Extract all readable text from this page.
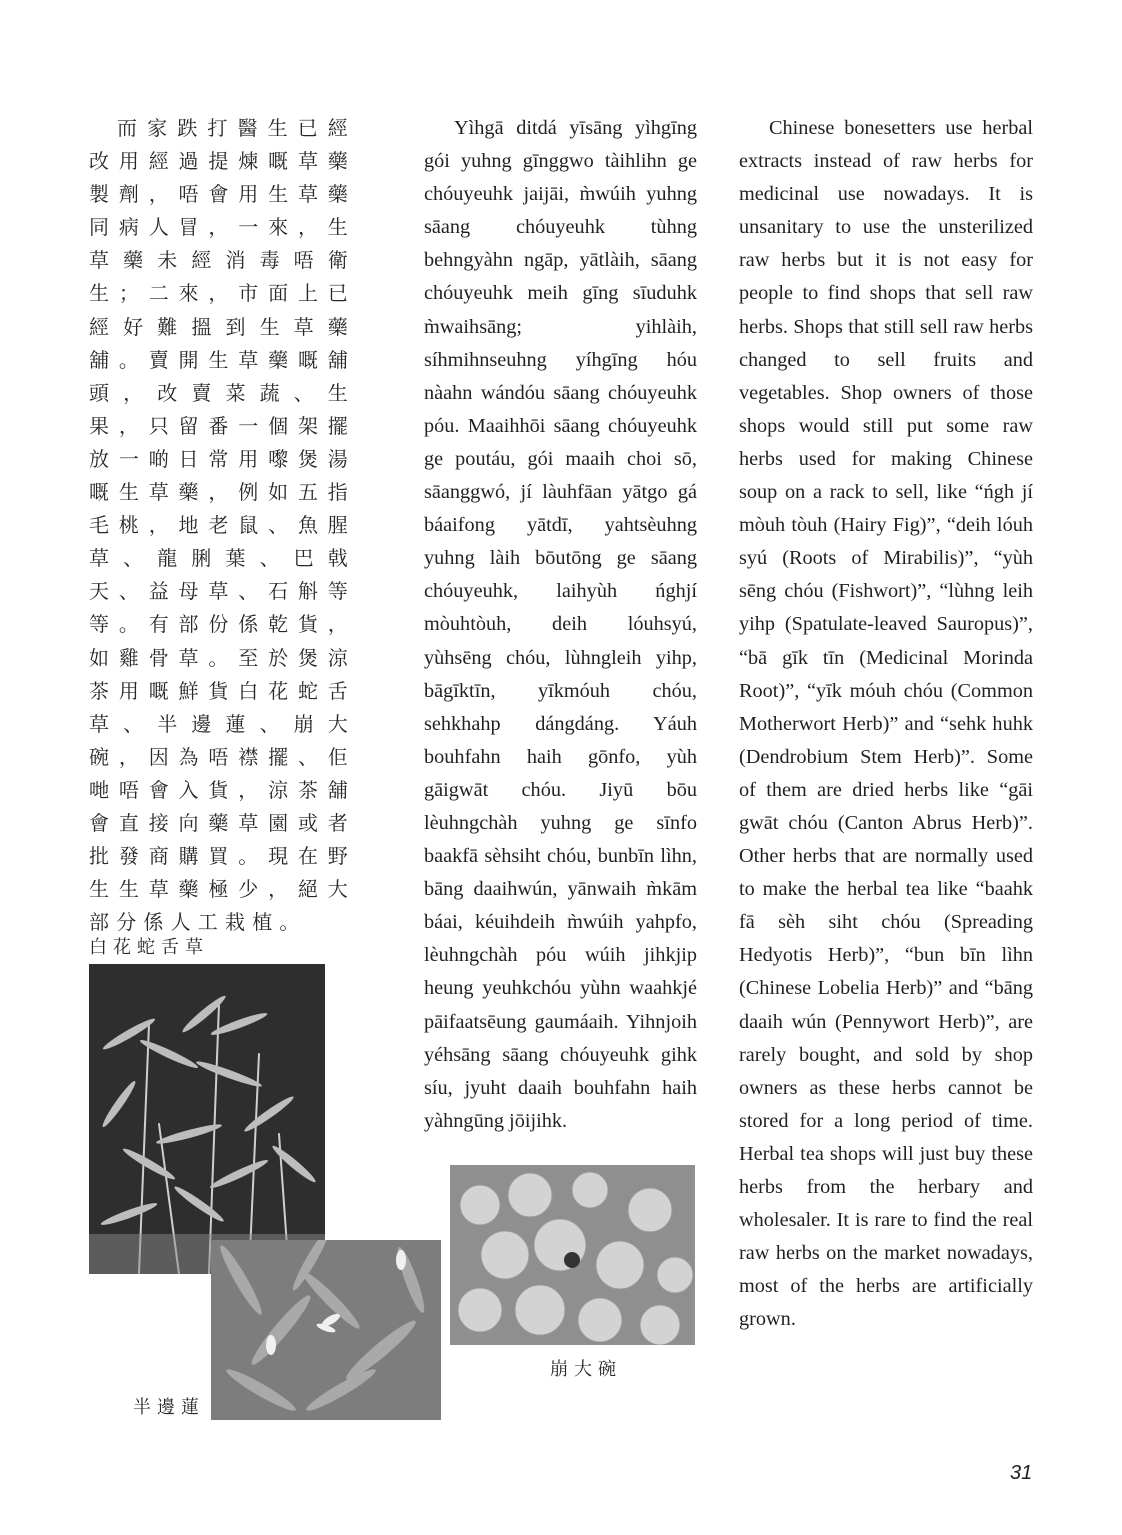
而家跌打醫生已經改用經過提煉嘅草藥製劑，唔會用生草藥同病人冒，一來，生草藥未經消毒唔衛生；二來，市面上已經好難搵到生草藥舖。賣開生草藥嘅舖頭，改賣菜蔬、生果，只留番一個架擺放一啲日常用嚟煲湯嘅生草藥，例如五指毛桃，地老鼠、魚腥草、龍脷葉、巴戟天、益母草、石斛等等。有部份係乾貨，如雞骨草。至於煲涼茶用嘅鮮貨白花蛇舌草、半邊蓮、崩大碗，因為唔襟擺、佢哋唔會入貨，涼茶舖會直接向藥草園或者批發商購買。現在野生生草藥極少，絕大部分係人工栽植。

Yìhgā ditdá yīsāng yìhgīng gói yuhng gīnggwo tàihlihn ge chóuyeuhk jaijāi, m̀wúih yuhng sāang chóuyeuhk tùhng behngyàhn ngāp, yātlàih, sāang chóuyeuhk meih gīng sīuduhk m̀waihsāng; yihlàih, síhmihnseuhng yíhgīng hóu nàahn wándóu sāang chóuyeuhk póu. Maaihhōi sāang chóuyeuhk ge poutáu, gói maaih choi sō, sāanggwó, jí làuhfāan yātgo gá báaifong yātdī, yahtsèuhng yuhng làih bōutōng ge sāang chóuyeuhk, laihyùh ńghjí mòuhtòuh, deih lóuhsyú, yùhsēng chóu, lùhngleih yihp, bāgīktīn, yīkmóuh chóu, sehkhahp dángdáng. Yáuh bouhfahn haih gōnfo, yùh gāigwāt chóu. Jiyū bōu lèuhngchàh yuhng ge sīnfo baakfā sèhsiht chóu, bunbīn lìhn, bāng daaihwún, yānwaih m̀kām báai, kéuihdeih m̀wúih yahpfo, lèuhngchàh póu wúih jihkjip heung yeuhkchóu yùhn waahkjé pāifaatsēung gaumáaih. Yihnjoih yéhsāng sāang chóuyeuhk gihk síu, jyuht daaih bouhfahn haih yàhngūng jōijihk.

Chinese bonesetters use herbal extracts instead of raw herbs for medicinal use nowadays. It is unsanitary to use the unsterilized raw herbs but it is not easy for people to find shops that sell raw herbs. Shops that still sell raw herbs changed to sell fruits and vegetables. Shop owners of those shops would still put some raw herbs used for making Chinese soup on a rack to sell, like “ńgh jí mòuh tòuh (Hairy Fig)”, “deih lóuh syú (Roots of Mirabilis)”, “yùh sēng chóu (Fishwort)”, “lùhng leih yihp (Spatulate-leaved Sauropus)”, “bā gīk tīn (Medicinal Morinda Root)”, “yīk móuh chóu (Common Motherwort Herb)” and “sehk huhk (Dendrobium Stem Herb)”. Some of them are dried herbs like “gāi gwāt chóu (Canton Abrus Herb)”. Other herbs that are normally used to make the herbal tea like “baahk fā sèh siht chóu (Spreading Hedyotis Herb)”, “bun bīn lìhn (Chinese Lobelia Herb)” and “bāng daaih wún (Pennywort Herb)”, are rarely bought, and sold by shop owners as these herbs cannot be stored for a long period of time. Herbal tea shops will just buy these herbs from the herbary and wholesaler. It is rare to find the real raw herbs on the market nowadays, most of the herbs are artificially grown.

白花蛇舌草
半邊蓮
崩大碗
31
